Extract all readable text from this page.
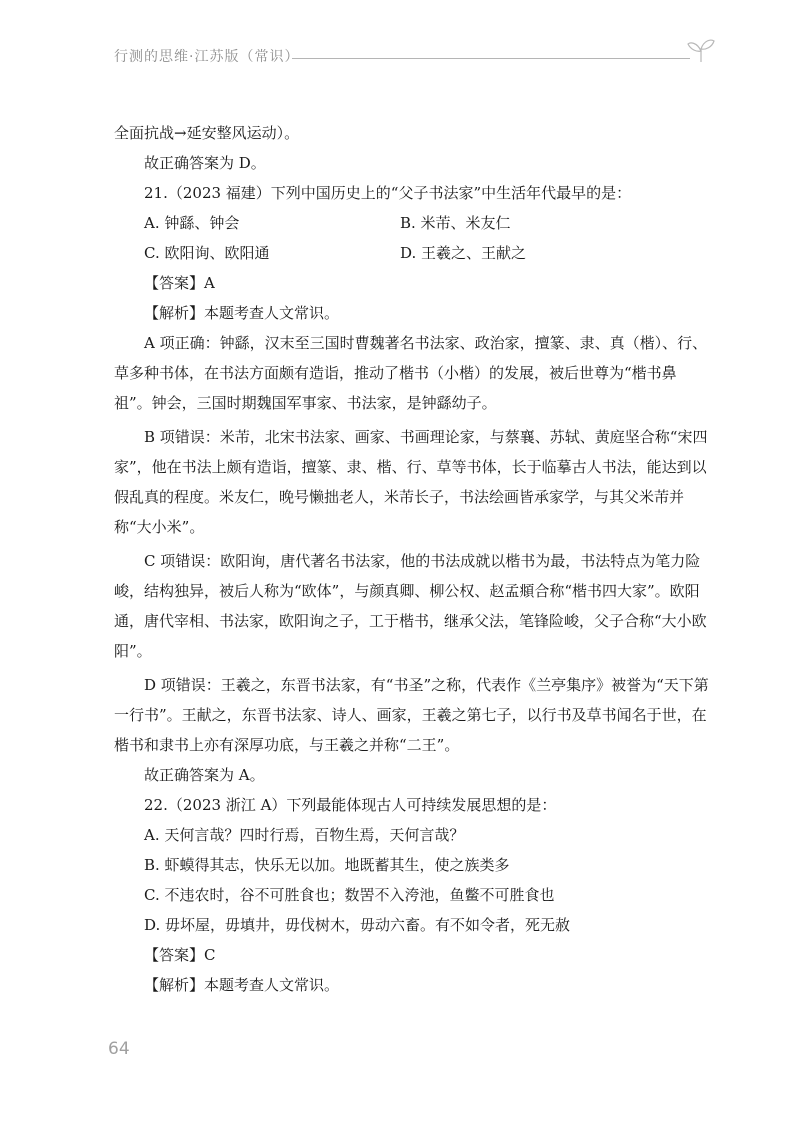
行测的思维·江苏版（常识）

全面抗战→延安整风运动）。

故正确答案为 D。

21.（2023 福建）下列中国历史上的“父子书法家”中生活年代最早的是：

A. 钟繇、钟会	B. 米芾、米友仁
C. 欧阳询、欧阳通	D. 王羲之、王献之

【答案】A

【解析】本题考查人文常识。

A 项正确：钟繇，汉末至三国时曹魏著名书法家、政治家，擅篆、隶、真（楷）、行、草多种书体，在书法方面颇有造诣，推动了楷书（小楷）的发展，被后世尊为“楷书鼻祖”。钟会，三国时期魏国军事家、书法家，是钟繇幼子。

B 项错误：米芾，北宋书法家、画家、书画理论家，与蔡襄、苏轼、黄庭坚合称“宋四家”，他在书法上颇有造诣，擅篆、隶、楷、行、草等书体，长于临摹古人书法，能达到以假乱真的程度。米友仁，晚号懒拙老人，米芾长子，书法绘画皆承家学，与其父米芾并称“大小米”。

C 项错误：欧阳询，唐代著名书法家，他的书法成就以楷书为最，书法特点为笔力险峻，结构独异，被后人称为“欧体”，与颜真卿、柳公权、赵孟頫合称“楷书四大家”。欧阳通，唐代宰相、书法家，欧阳询之子，工于楷书，继承父法，笔锋险峻，父子合称“大小欧阳”。

D 项错误：王羲之，东晋书法家，有“书圣”之称，代表作《兰亭集序》被誉为“天下第一行书”。王献之，东晋书法家、诗人、画家，王羲之第七子，以行书及草书闻名于世，在楷书和隶书上亦有深厚功底，与王羲之并称“二王”。

故正确答案为 A。

22.（2023 浙江 A）下列最能体现古人可持续发展思想的是：

A. 天何言哉？四时行焉，百物生焉，天何言哉？

B. 虾蟆得其志，快乐无以加。地既蓄其生，使之族类多

C. 不违农时，谷不可胜食也；数罟不入洿池，鱼鳖不可胜食也

D. 毋坏屋，毋填井，毋伐树木，毋动六畜。有不如令者，死无赦

【答案】C

【解析】本题考查人文常识。

64
